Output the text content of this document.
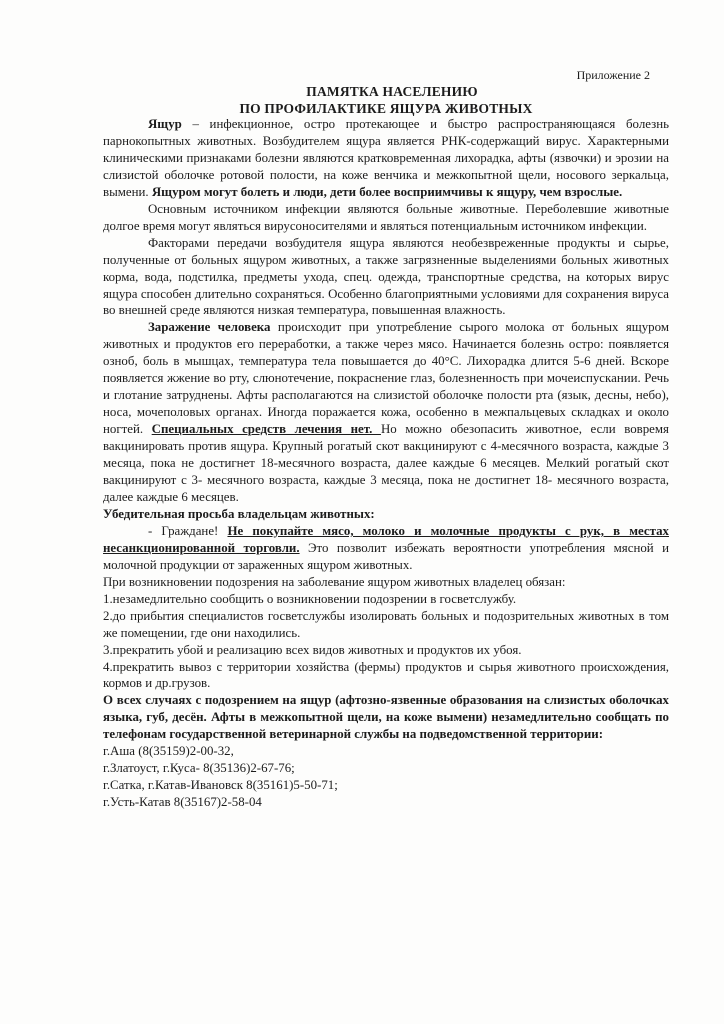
Приложение 2
ПАМЯТКА НАСЕЛЕНИЮ
ПО ПРОФИЛАКТИКЕ ЯЩУРА ЖИВОТНЫХ

Ящур – инфекционное, остро протекающее и быстро распространяющаяся болезнь парнокопытных животных. Возбудителем ящура является РНК-содержащий вирус. Характерными клиническими признаками болезни являются кратковременная лихорадка, афты (язвочки) и эрозии на слизистой оболочке ротовой полости, на коже венчика и межкопытной щели, носового зеркальца, вымени. Ящуром могут болеть и люди, дети более восприимчивы к ящуру, чем взрослые.

Основным источником инфекции являются больные животные. Переболевшие животные долгое время могут являться вирусоносителями и являться потенциальным источником инфекции.

Факторами передачи возбудителя ящура являются необезвреженные продукты и сырье, полученные от больных ящуром животных, а также загрязненные выделениями больных животных корма, вода, подстилка, предметы ухода, спец. одежда, транспортные средства, на которых вирус ящура способен длительно сохраняться. Особенно благоприятными условиями для сохранения вируса во внешней среде являются низкая температура, повышенная влажность.

Заражение человека происходит при употребление сырого молока от больных ящуром животных и продуктов его переработки, а также через мясо. Начинается болезнь остро: появляется озноб, боль в мышцах, температура тела повышается до 40°С. Лихорадка длится 5-6 дней. Вскоре появляется жжение во рту, слюнотечение, покраснение глаз, болезненность при мочеиспускании. Речь и глотание затруднены. Афты располагаются на слизистой оболочке полости рта (язык, десны, небо), носа, мочеполовых органах. Иногда поражается кожа, особенно в межпальцевых складках и около ногтей. Специальных средств лечения нет. Но можно обезопасить животное, если вовремя вакцинировать против ящура. Крупный рогатый скот вакцинируют с 4-месячного возраста, каждые 3 месяца, пока не достигнет 18-месячного возраста, далее каждые 6 месяцев. Мелкий рогатый скот вакцинируют с 3- месячного возраста, каждые 3 месяца, пока не достигнет 18- месячного возраста, далее каждые 6 месяцев.

Убедительная просьба владельцам животных:

- Граждане! Не покупайте мясо, молоко и молочные продукты с рук, в местах несанкционированной торговли. Это позволит избежать вероятности употребления мясной и молочной продукции от зараженных ящуром животных.

При возникновении подозрения на заболевание ящуром животных владелец обязан:

1.незамедлительно сообщить о возникновении подозрении в госветслужбу.

2.до прибытия специалистов госветслужбы изолировать больных и подозрительных животных в том же помещении, где они находились.

3.прекратить убой и реализацию всех видов животных и продуктов их убоя.

4.прекратить вывоз с территории хозяйства (фермы) продуктов и сырья животного происхождения, кормов и др.грузов.

О всех случаях с подозрением на ящур (афтозно-язвенные образования на слизистых оболочках языка, губ, десён. Афты в межкопытной щели, на коже вымени) незамедлительно сообщать по телефонам государственной ветеринарной службы на подведомственной территории:

г.Аша (8(35159)2-00-32,

г.Златоуст, г.Куса- 8(35136)2-67-76;

г.Сатка, г.Катав-Ивановск 8(35161)5-50-71;

г.Усть-Катав 8(35167)2-58-04
